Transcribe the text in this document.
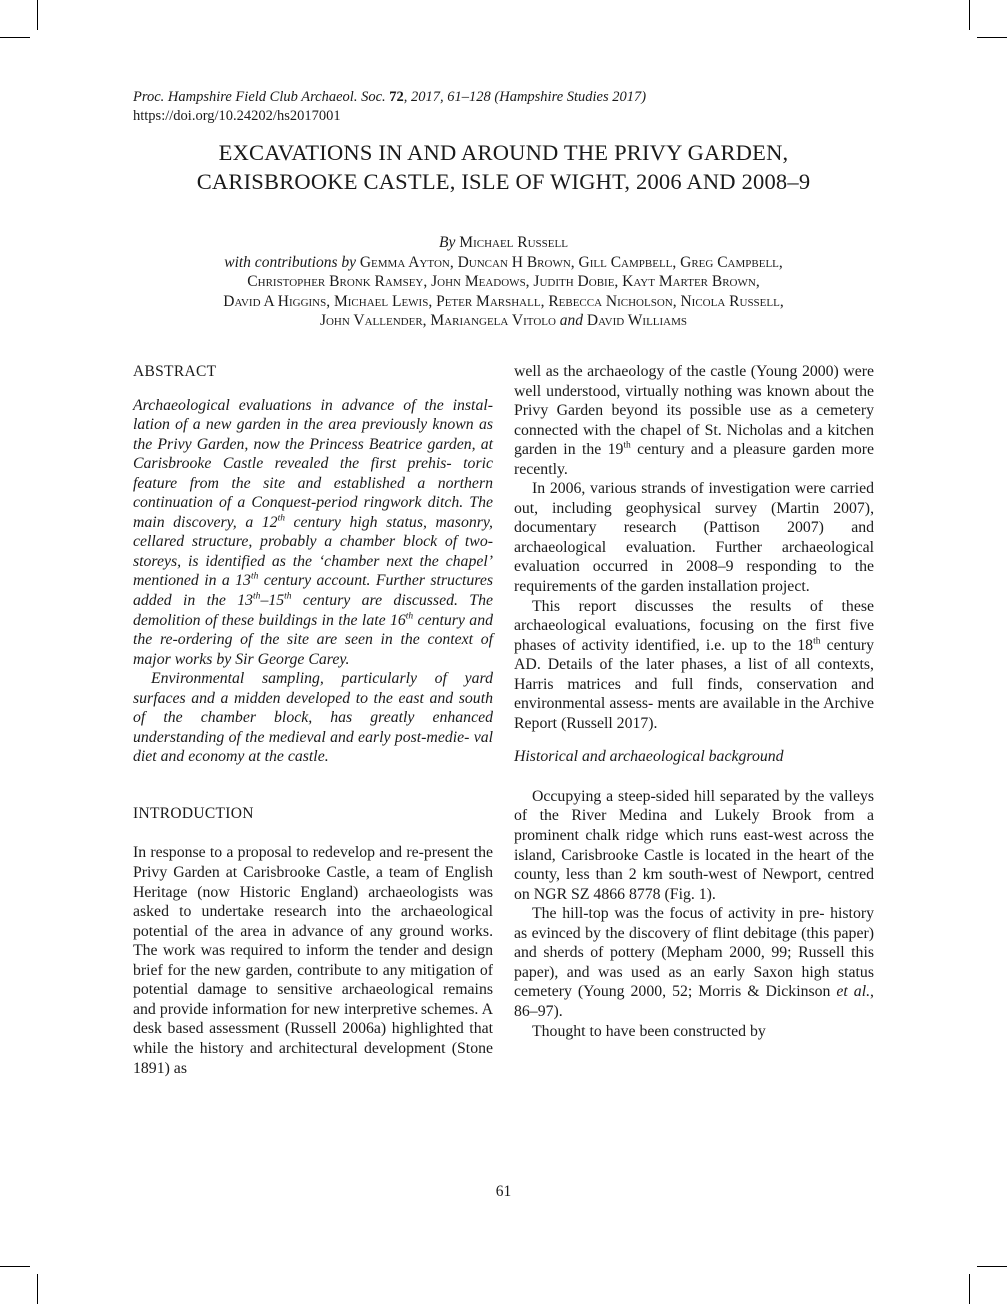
Proc. Hampshire Field Club Archaeol. Soc. 72, 2017, 61–128 (Hampshire Studies 2017)
https://doi.org/10.24202/hs2017001
EXCAVATIONS IN AND AROUND THE PRIVY GARDEN,
CARISBROOKE CASTLE, ISLE OF WIGHT, 2006 AND 2008–9
By Michael Russell
with contributions by Gemma Ayton, Duncan H Brown, Gill Campbell, Greg Campbell,
Christopher Bronk Ramsey, John Meadows, Judith Dobie, Kayt Marter Brown,
David A Higgins, Michael Lewis, Peter Marshall, Rebecca Nicholson, Nicola Russell,
John Vallender, Mariangela Vitolo and David Williams
ABSTRACT

Archaeological evaluations in advance of the instal- lation of a new garden in the area previously known as the Privy Garden, now the Princess Beatrice garden, at Carisbrooke Castle revealed the first prehis- toric feature from the site and established a northern continuation of a Conquest-period ringwork ditch. The main discovery, a 12th century high status, masonry, cellared structure, probably a chamber block of two-storeys, is identified as the ‘chamber next the chapel’ mentioned in a 13th century account. Further structures added in the 13th–15th century are discussed. The demolition of these buildings in the late 16th century and the re-ordering of the site are seen in the context of major works by Sir George Carey.

Environmental sampling, particularly of yard surfaces and a midden developed to the east and south of the chamber block, has greatly enhanced understanding of the medieval and early post-medie- val diet and economy at the castle.

INTRODUCTION

In response to a proposal to redevelop and re-present the Privy Garden at Carisbrooke Castle, a team of English Heritage (now Historic England) archaeologists was asked to undertake research into the archaeological potential of the area in advance of any ground works. The work was required to inform the tender and design brief for the new garden, contribute to any mitigation of potential damage to sensitive archaeological remains and provide information for new interpretive schemes. A desk based assessment (Russell 2006a) highlighted that while the history and architectural development (Stone 1891) as

well as the archaeology of the castle (Young 2000) were well understood, virtually nothing was known about the Privy Garden beyond its possible use as a cemetery connected with the chapel of St. Nicholas and a kitchen garden in the 19th century and a pleasure garden more recently.

In 2006, various strands of investigation were carried out, including geophysical survey (Martin 2007), documentary research (Pattison 2007) and archaeological evaluation. Further archaeological evaluation occurred in 2008–9 responding to the requirements of the garden installation project.

This report discusses the results of these archaeological evaluations, focusing on the first five phases of activity identified, i.e. up to the 18th century AD. Details of the later phases, a list of all contexts, Harris matrices and full finds, conservation and environmental assess- ments are available in the Archive Report (Russell 2017).

Historical and archaeological background

Occupying a steep-sided hill separated by the valleys of the River Medina and Lukely Brook from a prominent chalk ridge which runs east-west across the island, Carisbrooke Castle is located in the heart of the county, less than 2 km south-west of Newport, centred on NGR SZ 4866 8778 (Fig. 1).

The hill-top was the focus of activity in pre- history as evinced by the discovery of flint debitage (this paper) and sherds of pottery (Mepham 2000, 99; Russell this paper), and was used as an early Saxon high status cemetery (Young 2000, 52; Morris & Dickinson et al., 86–97).

Thought to have been constructed by

61
